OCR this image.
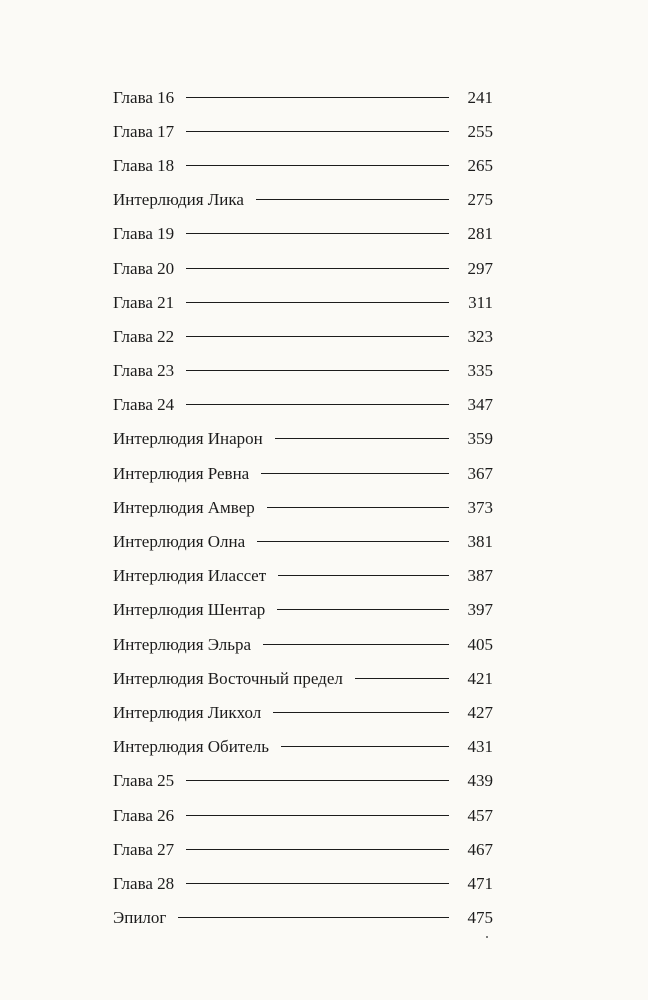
Глава 16	241
Глава 17	255
Глава 18	265
Интерлюдия Лика	275
Глава 19	281
Глава 20	297
Глава 21	311
Глава 22	323
Глава 23	335
Глава 24	347
Интерлюдия Инарон	359
Интерлюдия Ревна	367
Интерлюдия Амвер	373
Интерлюдия Олна	381
Интерлюдия Иласcет	387
Интерлюдия Шентар	397
Интерлюдия Эльра	405
Интерлюдия Восточный предел	421
Интерлюдия Ликхол	427
Интерлюдия Обитель	431
Глава 25	439
Глава 26	457
Глава 27	467
Глава 28	471
Эпилог	475
